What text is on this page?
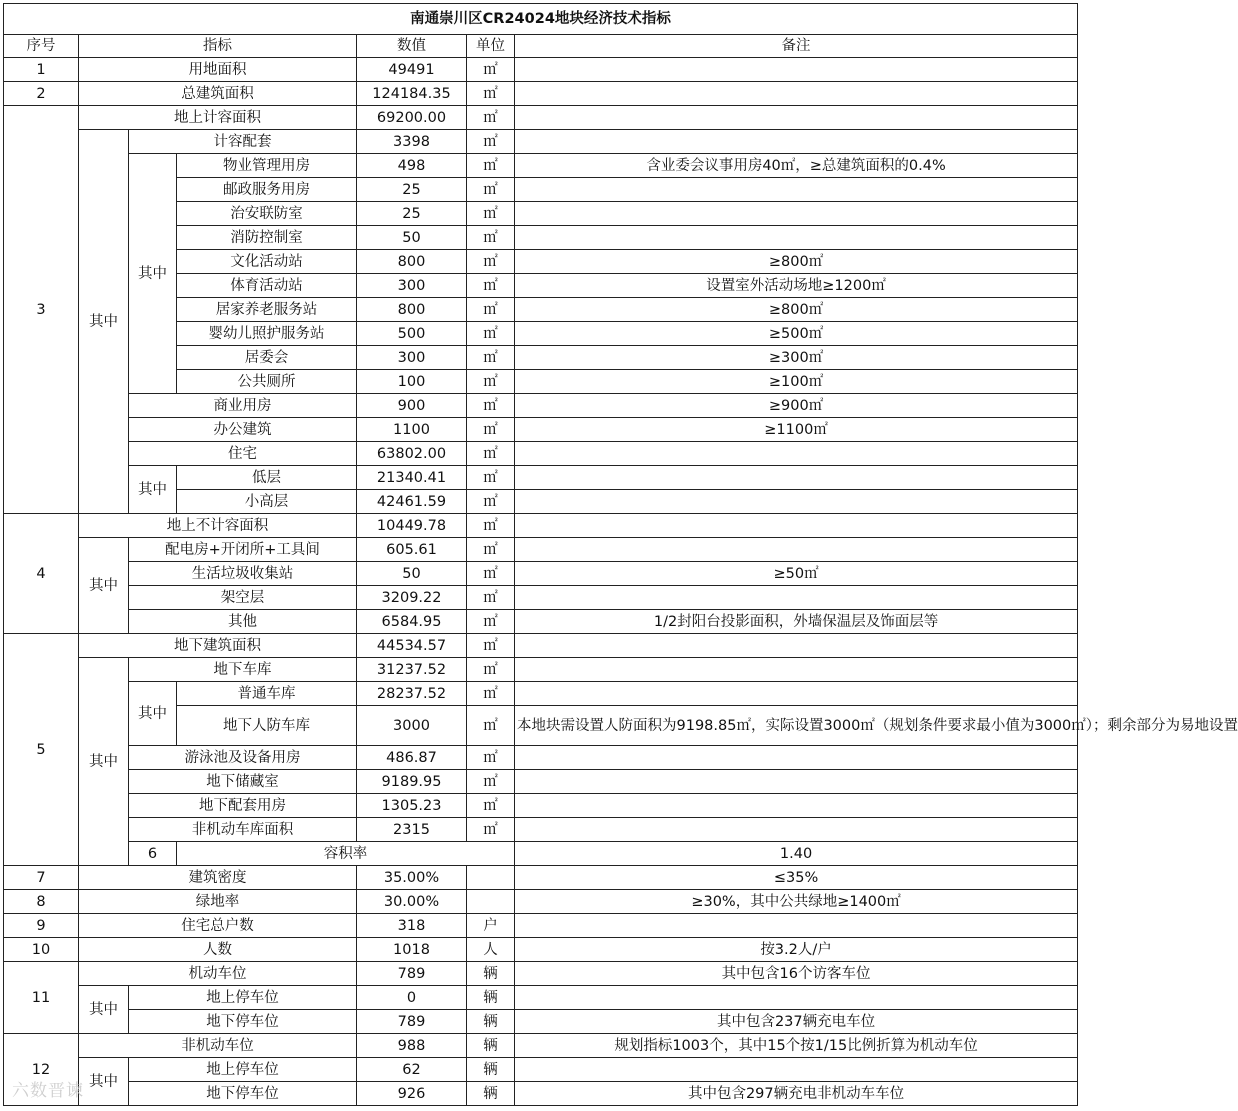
南通崇川区CR24024地块经济技术指标							
序号	指标			数值	单位	备注	
1	用地面积			49491	㎡		
2	总建筑面积			124184.35	㎡		
3	地上计容面积			69200.00	㎡		
	其中	计容配套		3398	㎡		
		其中	物业管理用房	498	㎡	含业委会议事用房40㎡，≥总建筑面积的0.4%	
			邮政服务用房	25	㎡		
			治安联防室	25	㎡		
			消防控制室	50	㎡		
			文化活动站	800	㎡	≥800㎡	
			体育活动站	300	㎡	设置室外活动场地≥1200㎡	
			居家养老服务站	800	㎡	≥800㎡	
			婴幼儿照护服务站	500	㎡	≥500㎡	
			居委会	300	㎡	≥300㎡	
			公共厕所	100	㎡	≥100㎡	
		商业用房		900	㎡	≥900㎡	
		办公建筑		1100	㎡	≥1100㎡	
		住宅		63802.00	㎡		
		其中	低层	21340.41	㎡		
			小高层	42461.59	㎡		
4	地上不计容面积			10449.78	㎡		
	其中	配电房+开闭所+工具间		605.61	㎡		
		生活垃圾收集站		50	㎡	≥50㎡	
		架空层		3209.22	㎡		
		其他		6584.95	㎡	1/2封阳台投影面积，外墙保温层及饰面层等	
5	地下建筑面积			44534.57	㎡		
	其中	地下车库		31237.52	㎡		
		其中	普通车库	28237.52	㎡		
			地下人防车库	3000	㎡	本地块需设置人防面积为9198.85㎡，实际设置3000㎡（规划条件要求最小值为3000㎡）；剩余部分为易地设置	
		游泳池及设备用房		486.87	㎡		
		地下储藏室		9189.95	㎡		
		地下配套用房		1305.23	㎡		
		非机动车库面积		2315	㎡		
		6	容积率			1.40		
7	建筑密度			35.00%		≤35%	
8	绿地率			30.00%		≥30%，其中公共绿地≥1400㎡	
9	住宅总户数			318	户		
10	人数			1018	人	按3.2人/户	
11	机动车位			789	辆	其中包含16个访客车位	
	其中	地上停车位		0	辆		
		地下停车位		789	辆	其中包含237辆充电车位	
12	非机动车位			988	辆	规划指标1003个，其中15个按1/15比例折算为机动车位	
	其中	地上停车位		62	辆		
		地下停车位		926	辆	其中包含297辆充电非机动车车位	
六数晋谏
